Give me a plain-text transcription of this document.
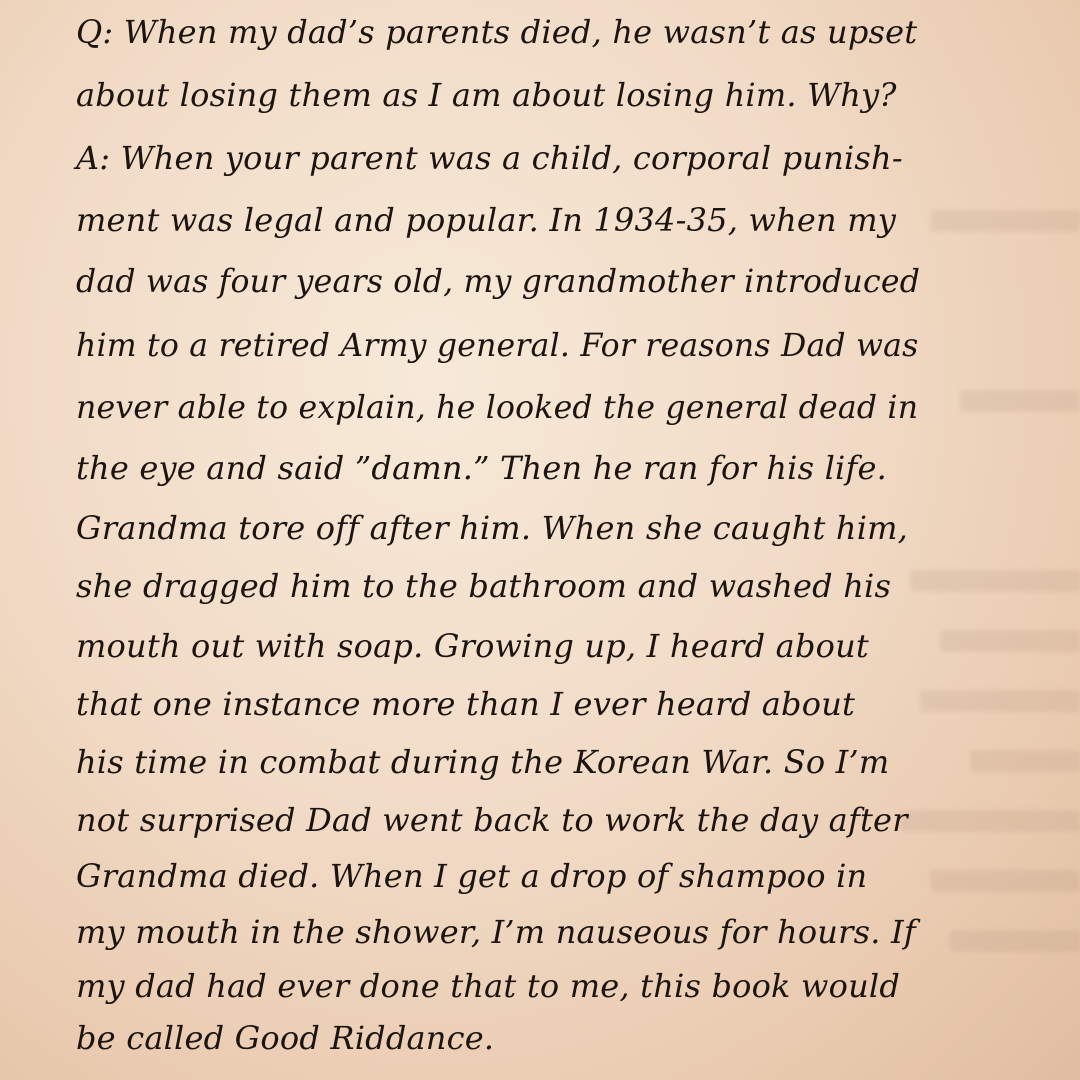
Q: When my dad’s parents died, he wasn’t as upset
about losing them as I am about losing him. Why?
A: When your parent was a child, corporal punish-
ment was legal and popular. In 1934-35, when my
dad was four years old, my grandmother introduced
him to a retired Army general. For reasons Dad was
never able to explain, he looked the general dead in
the eye and said ”damn.” Then he ran for his life.
Grandma tore off after him. When she caught him,
she dragged him to the bathroom and washed his
mouth out with soap. Growing up, I heard about
that one instance more than I ever heard about
his time in combat during the Korean War. So I’m
not surprised Dad went back to work the day after
Grandma died. When I get a drop of shampoo in
my mouth in the shower, I’m nauseous for hours. If
my dad had ever done that to me, this book would
be called Good Riddance.
